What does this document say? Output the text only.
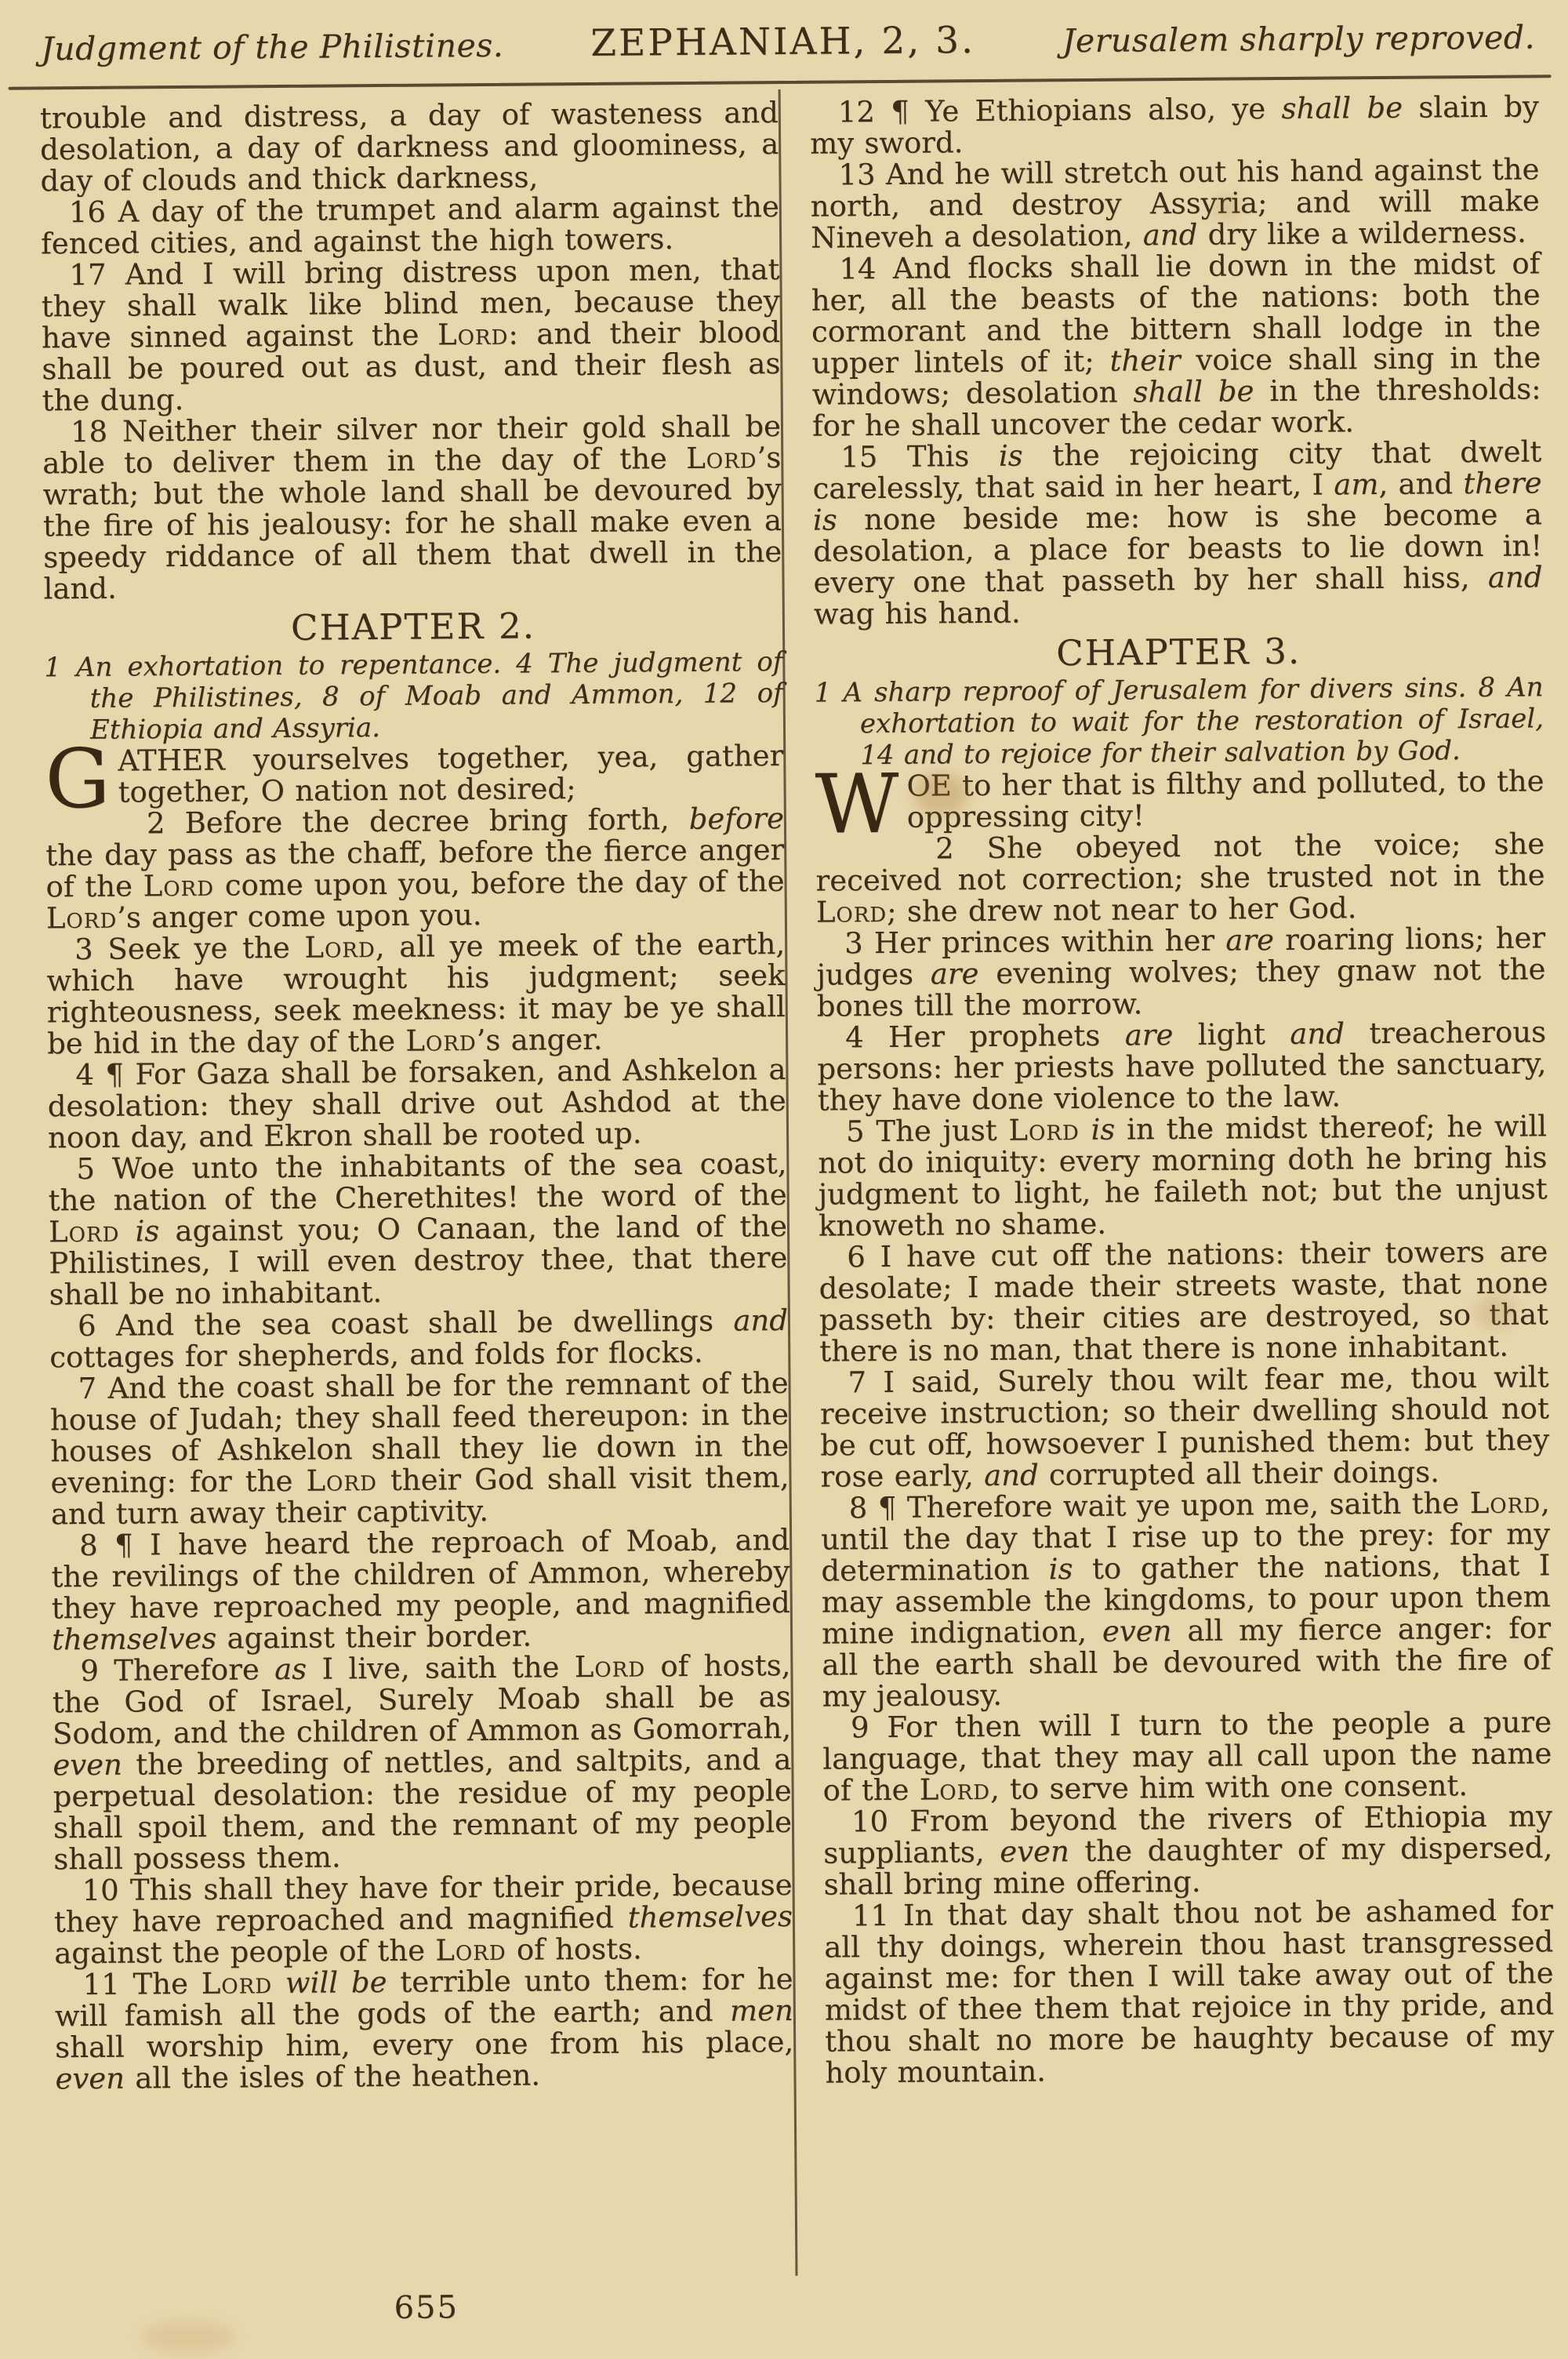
Judgment of the Philistines. ZEPHANIAH, 2, 3.	Jerusalem sharply reproved.

trouble and distress, a day of wasteness and desolation, a day of darkness and gloominess, a day of clouds and thick darkness,

16 A day of the trumpet and alarm against the fenced cities, and against the high towers.

17 And I will bring distress upon men, that they shall walk like blind men, because they have sinned against the Lord: and their blood shall be poured out as dust, and their flesh as the dung.

18 Neither their silver nor their gold shall be able to deliver them in the day of the Lord’s wrath; but the whole land shall be devoured by the fire of his jealousy: for he shall make even a speedy riddance of all them that dwell in the land.

CHAPTER 2.

1 An exhortation to repentance. 4 The judgment of the Philistines, 8 of Moab and Ammon, 12 of Ethiopia and Assyria.

GATHER yourselves together, yea, gather together, O nation not desired;

2 Before the decree bring forth, before the day pass as the chaff, before the fierce anger of the Lord come upon you, before the day of the Lord’s anger come upon you.

3 Seek ye the Lord, all ye meek of the earth, which have wrought his judgment; seek righteousness, seek meekness: it may be ye shall be hid in the day of the Lord’s anger.

4 ¶ For Gaza shall be forsaken, and Ashkelon a desolation: they shall drive out Ashdod at the noon day, and Ekron shall be rooted up.

5 Woe unto the inhabitants of the sea coast, the nation of the Cherethites! the word of the Lord is against you; O Canaan, the land of the Philistines, I will even destroy thee, that there shall be no inhabitant.

6 And the sea coast shall be dwellings and cottages for shepherds, and folds for flocks.

7 And the coast shall be for the remnant of the house of Judah; they shall feed thereupon: in the houses of Ashkelon shall they lie down in the evening: for the Lord their God shall visit them, and turn away their captivity.

8 ¶ I have heard the reproach of Moab, and the revilings of the children of Ammon, whereby they have reproached my people, and magnified themselves against their border.

9 Therefore as I live, saith the Lord of hosts, the God of Israel, Surely Moab shall be as Sodom, and the children of Ammon as Gomorrah, even the breeding of nettles, and saltpits, and a perpetual desolation: the residue of my people shall spoil them, and the remnant of my people shall possess them.

10 This shall they have for their pride, because they have reproached and magnified themselves against the people of the Lord of hosts.

11 The Lord will be terrible unto them: for he will famish all the gods of the earth; and men shall worship him, every one from his place, even all the isles of the heathen.

12 ¶ Ye Ethiopians also, ye shall be slain by my sword.

13 And he will stretch out his hand against the north, and destroy Assyria; and will make Nineveh a desolation, and dry like a wilderness.

14 And flocks shall lie down in the midst of her, all the beasts of the nations: both the cormorant and the bittern shall lodge in the upper lintels of it; their voice shall sing in the windows; desolation shall be in the thresholds: for he shall uncover the cedar work.

15 This is the rejoicing city that dwelt carelessly, that said in her heart, I am, and there is none beside me: how is she become a desolation, a place for beasts to lie down in! every one that passeth by her shall hiss, and wag his hand.

CHAPTER 3.

1 A sharp reproof of Jerusalem for divers sins. 8 An exhortation to wait for the restoration of Israel, 14 and to rejoice for their salvation by God.

WOE to her that is filthy and polluted, to the oppressing city!

2 She obeyed not the voice; she received not correction; she trusted not in the Lord; she drew not near to her God.

3 Her princes within her are roaring lions; her judges are evening wolves; they gnaw not the bones till the morrow.

4 Her prophets are light and treacherous persons: her priests have polluted the sanctuary, they have done violence to the law.

5 The just Lord is in the midst thereof; he will not do iniquity: every morning doth he bring his judgment to light, he faileth not; but the unjust knoweth no shame.

6 I have cut off the nations: their towers are desolate; I made their streets waste, that none passeth by: their cities are destroyed, so that there is no man, that there is none inhabitant.

7 I said, Surely thou wilt fear me, thou wilt receive instruction; so their dwelling should not be cut off, howsoever I punished them: but they rose early, and corrupted all their doings.

8 ¶ Therefore wait ye upon me, saith the Lord, until the day that I rise up to the prey: for my determination is to gather the nations, that I may assemble the kingdoms, to pour upon them mine indignation, even all my fierce anger: for all the earth shall be devoured with the fire of my jealousy.

9 For then will I turn to the people a pure language, that they may all call upon the name of the Lord, to serve him with one consent.

10 From beyond the rivers of Ethiopia my suppliants, even the daughter of my dispersed, shall bring mine offering.

11 In that day shalt thou not be ashamed for all thy doings, wherein thou hast transgressed against me: for then I will take away out of the midst of thee them that rejoice in thy pride, and thou shalt no more be haughty because of my holy mountain.

655
